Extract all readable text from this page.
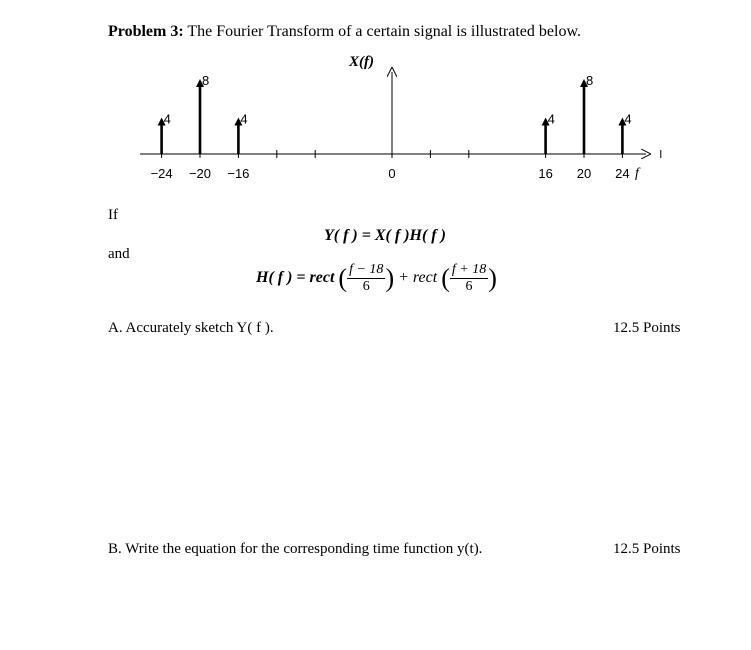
Problem 3: The Fourier Transform of a certain signal is illustrated below.
X(f)
4
8
4	4
8
4
−24 −20 −16	0	16 20 24 f
If
and
Y( f ) = X( f )H( f )
H( f ) = rect ( $\frac{f - 18}{6}$ ) + rect ( $\frac{f + 18}{6}$ )
A. Accurately sketch Y( f ).	12.5 Points
B. Write the equation for the corresponding time function y(t).	12.5 Points
